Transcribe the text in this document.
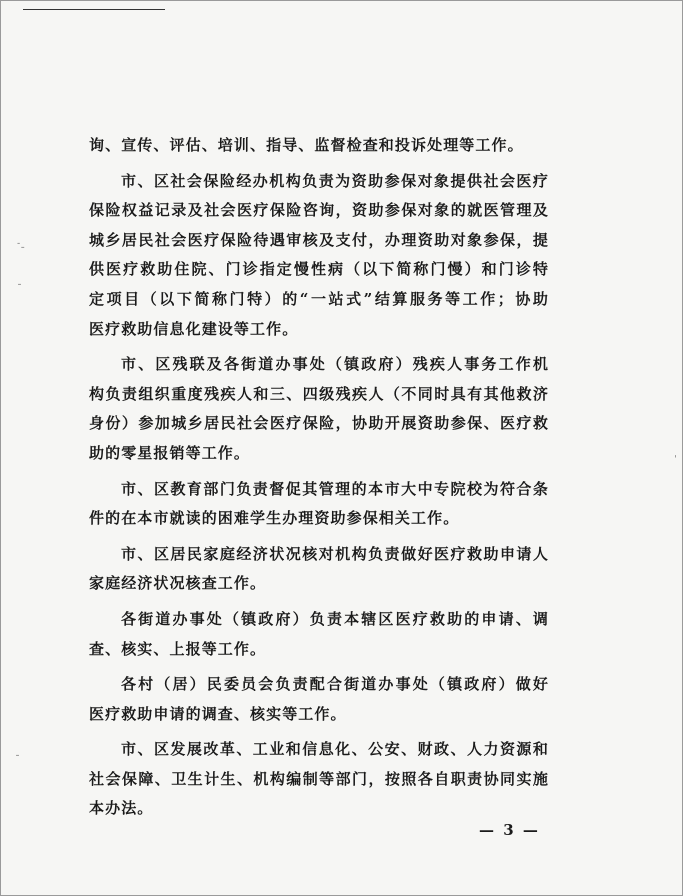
询、宣传、评估、培训、指导、监督检查和投诉处理等工作。
市、区社会保险经办机构负责为资助参保对象提供社会医疗
保险权益记录及社会医疗保险咨询，资助参保对象的就医管理及
城乡居民社会医疗保险待遇审核及支付，办理资助对象参保，提
供医疗救助住院、门诊指定慢性病（以下简称门慢）和门诊特
定项目（以下简称门特）的“一站式”结算服务等工作；协助
医疗救助信息化建设等工作。
市、区残联及各街道办事处（镇政府）残疾人事务工作机
构负责组织重度残疾人和三、四级残疾人（不同时具有其他救济
身份）参加城乡居民社会医疗保险，协助开展资助参保、医疗救
助的零星报销等工作。
市、区教育部门负责督促其管理的本市大中专院校为符合条
件的在本市就读的困难学生办理资助参保相关工作。
市、区居民家庭经济状况核对机构负责做好医疗救助申请人
家庭经济状况核查工作。
各街道办事处（镇政府）负责本辖区医疗救助的申请、调
查、核实、上报等工作。
各村（居）民委员会负责配合街道办事处（镇政府）做好
医疗救助申请的调查、核实等工作。
市、区发展改革、工业和信息化、公安、财政、人力资源和
社会保障、卫生计生、机构编制等部门，按照各自职责协同实施
本办法。
— 3 —
˗ˍ
ˍ
ˍ
ˈ
